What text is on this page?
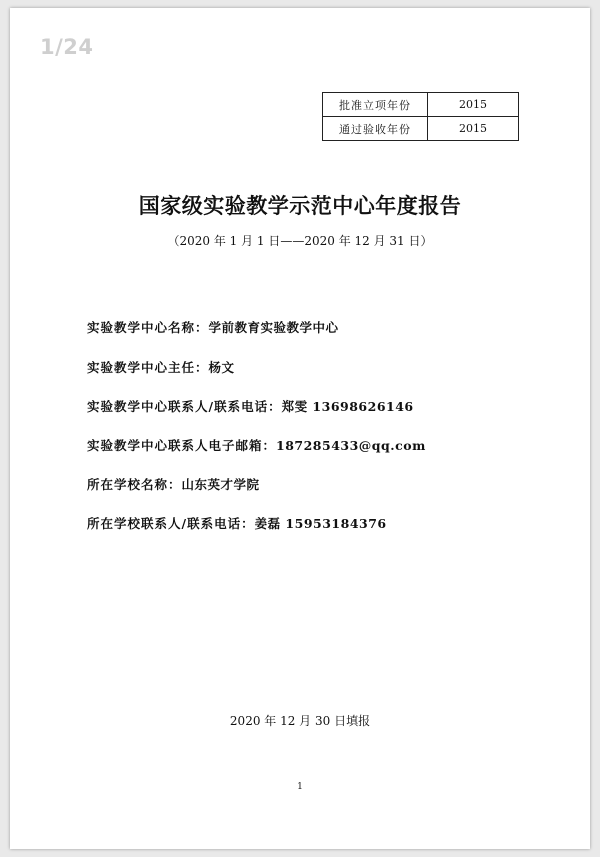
1/24
批准立项年份	2015
通过验收年份	2015
国家级实验教学示范中心年度报告
（2020 年 1 月 1 日——2020 年 12 月 31 日）
实验教学中心名称：学前教育实验教学中心
实验教学中心主任：杨文
实验教学中心联系人/联系电话：郑雯 13698626146
实验教学中心联系人电子邮箱：187285433@qq.com
所在学校名称：山东英才学院
所在学校联系人/联系电话：姜磊 15953184376
2020 年 12 月 30 日填报
1
